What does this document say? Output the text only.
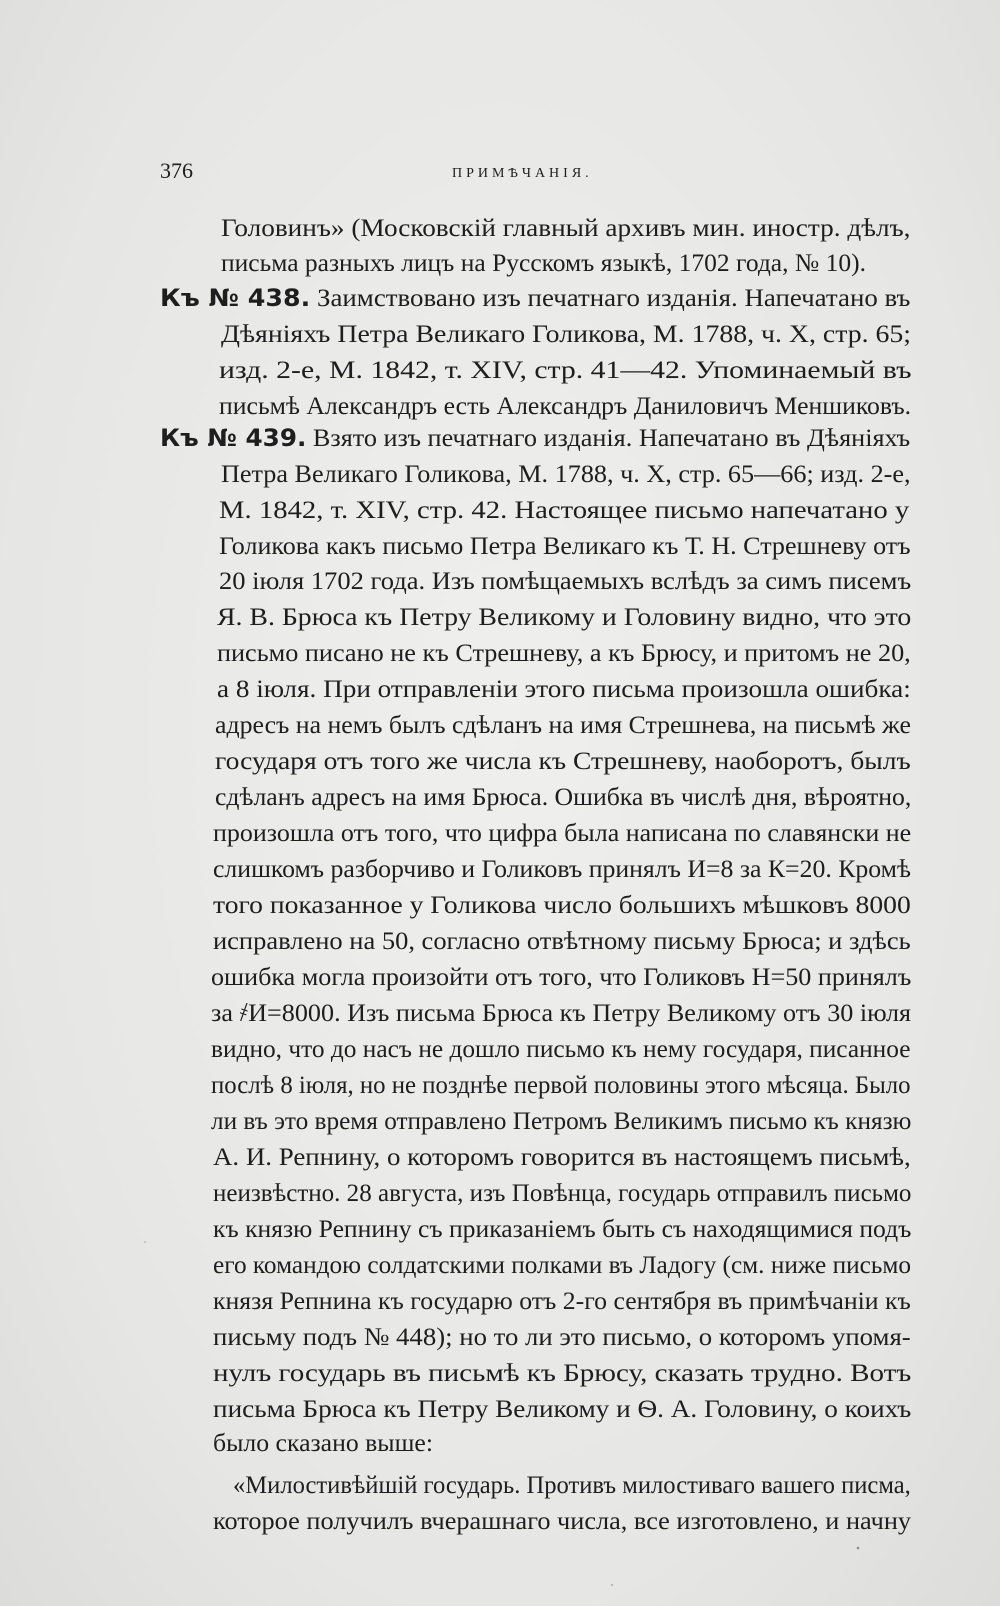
376	ПРИМѢЧАНІЯ.
Головинъ» (Московскій главный архивъ мин. иностр. дѣлъ,
письма разныхъ лицъ на Русскомъ языкѣ, 1702 года, № 10).
Къ № 438. Заимствовано изъ печатнаго изданія. Напечатано въ
Дѣяніяхъ Петра Великаго Голикова, М. 1788, ч. X, стр. 65;
изд. 2-е, М. 1842, т. XIV, стр. 41—42. Упоминаемый въ
письмѣ Александръ есть Александръ Даниловичъ Меншиковъ.
Къ № 439. Взято изъ печатнаго изданія. Напечатано въ Дѣяніяхъ
Петра Великаго Голикова, М. 1788, ч. X, стр. 65—66; изд. 2-е,
М. 1842, т. XIV, стр. 42. Настоящее письмо напечатано у
Голикова какъ письмо Петра Великаго къ Т. Н. Стрешневу отъ
20 іюля 1702 года. Изъ помѣщаемыхъ вслѣдъ за симъ писемъ
Я. В. Брюса къ Петру Великому и Головину видно, что это
письмо писано не къ Стрешневу, а къ Брюсу, и притомъ не 20,
а 8 іюля. При отправленіи этого письма произошла ошибка:
адресъ на немъ былъ сдѣланъ на имя Стрешнева, на письмѣ же
государя отъ того же числа къ Стрешневу, наоборотъ, былъ
сдѣланъ адресъ на имя Брюса. Ошибка въ числѣ дня, вѣроятно,
произошла отъ того, что цифра была написана по славянски не
слишкомъ разборчиво и Голиковъ принялъ И=8 за К=20. Кромѣ
того показанное у Голикова число большихъ мѣшковъ 8000
исправлено на 50, согласно отвѣтному письму Брюса; и здѣсь
ошибка могла произойти отъ того, что Голиковъ Н=50 принялъ
за ҂И=8000. Изъ письма Брюса къ Петру Великому отъ 30 іюля
видно, что до насъ не дошло письмо къ нему государя, писанное
послѣ 8 іюля, но не позднѣе первой половины этого мѣсяца. Было
ли въ это время отправлено Петромъ Великимъ письмо къ князю
А. И. Репнину, о которомъ говорится въ настоящемъ письмѣ,
неизвѣстно. 28 августа, изъ Повѣнца, государь отправилъ письмо
къ князю Репнину съ приказаніемъ быть съ находящимися подъ
его командою солдатскими полками въ Ладогу (см. ниже письмо
князя Репнина къ государю отъ 2-го сентября въ примѣчаніи къ
письму подъ № 448); но то ли это письмо, о которомъ упомя-
нулъ государь въ письмѣ къ Брюсу, сказать трудно. Вотъ
письма Брюса къ Петру Великому и Ѳ. А. Головину, о коихъ
было сказано выше:
«Милостивѣйшій государь. Противъ милостиваго вашего писма,
которое получилъ вчерашнаго числа, все изготовлено, и начну
